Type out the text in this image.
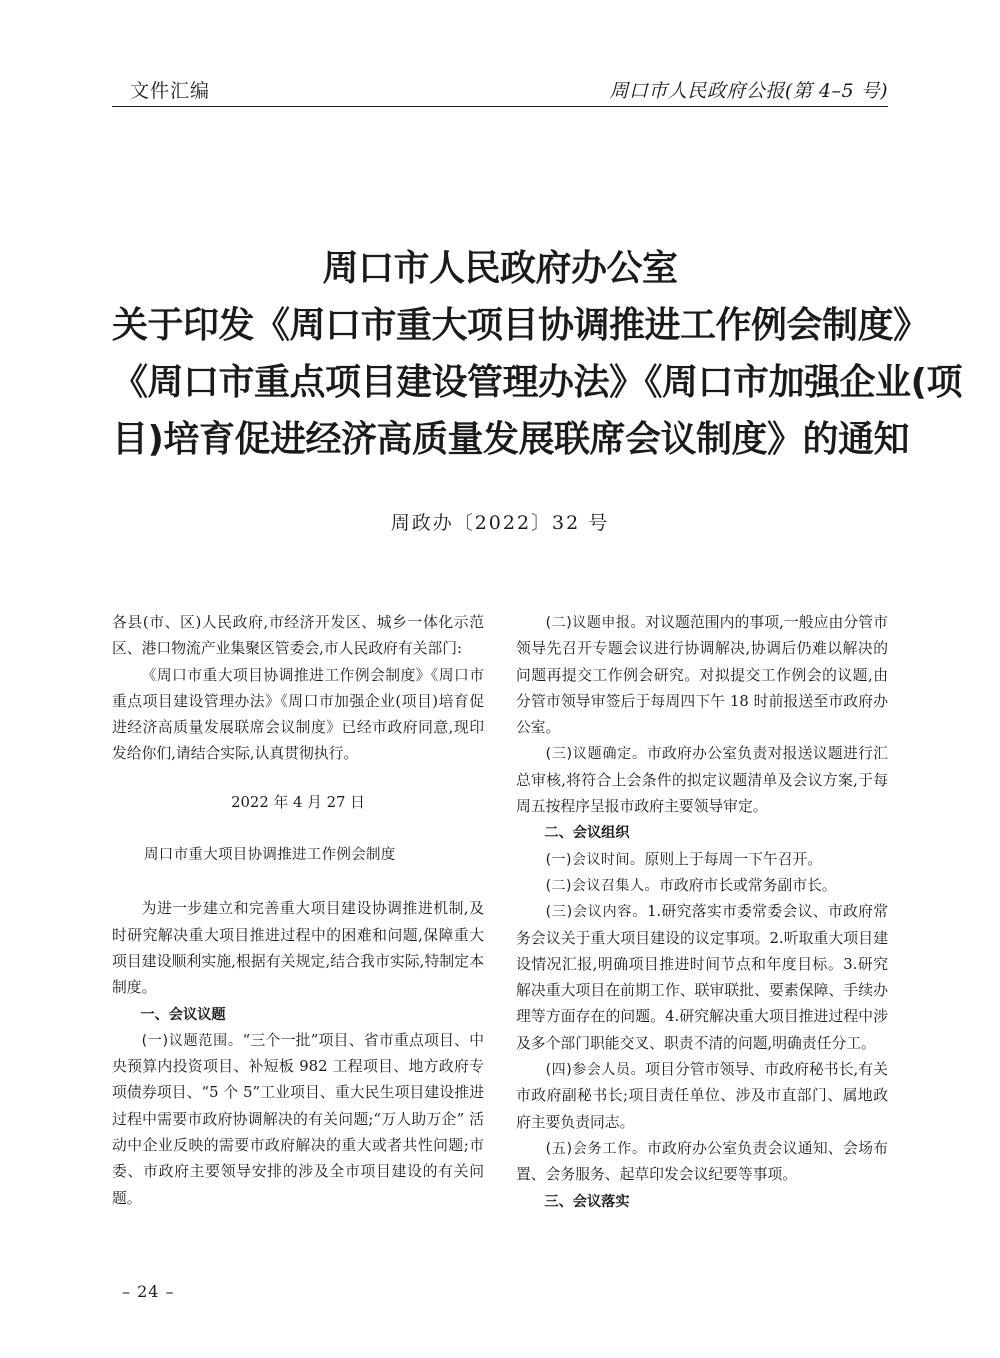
文件汇编	周口市人民政府公报(第 4–5 号)
周口市人民政府办公室
关于印发《周口市重大项目协调推进工作例会制度》
《周口市重点项目建设管理办法》《周口市加强企业(项
目)培育促进经济高质量发展联席会议制度》的通知
周政办〔2022〕32 号

各县(市、区)人民政府,市经济开发区、城乡一体化示范区、港口物流产业集聚区管委会,市人民政府有关部门:

《周口市重大项目协调推进工作例会制度》《周口市重点项目建设管理办法》《周口市加强企业(项目)培育促进经济高质量发展联席会议制度》已经市政府同意,现印发给你们,请结合实际,认真贯彻执行。

2022 年 4 月 27 日

周口市重大项目协调推进工作例会制度

为进一步建立和完善重大项目建设协调推进机制,及时研究解决重大项目推进过程中的困难和问题,保障重大项目建设顺利实施,根据有关规定,结合我市实际,特制定本制度。

一、会议议题

(一)议题范围。“三个一批”项目、省市重点项目、中央预算内投资项目、补短板 982 工程项目、地方政府专项债券项目、“5 个 5”工业项目、重大民生项目建设推进过程中需要市政府协调解决的有关问题;“万人助万企” 活动中企业反映的需要市政府解决的重大或者共性问题;市委、市政府主要领导安排的涉及全市项目建设的有关问题。

(二)议题申报。对议题范围内的事项,一般应由分管市领导先召开专题会议进行协调解决,协调后仍难以解决的问题再提交工作例会研究。对拟提交工作例会的议题,由分管市领导审签后于每周四下午 18 时前报送至市政府办公室。

(三)议题确定。市政府办公室负责对报送议题进行汇总审核,将符合上会条件的拟定议题清单及会议方案,于每周五按程序呈报市政府主要领导审定。

二、会议组织

(一)会议时间。原则上于每周一下午召开。

(二)会议召集人。市政府市长或常务副市长。

(三)会议内容。1.研究落实市委常委会议、市政府常务会议关于重大项目建设的议定事项。2.听取重大项目建设情况汇报,明确项目推进时间节点和年度目标。3.研究解决重大项目在前期工作、联审联批、要素保障、手续办理等方面存在的问题。4.研究解决重大项目推进过程中涉及多个部门职能交叉、职责不清的问题,明确责任分工。

(四)参会人员。项目分管市领导、市政府秘书长,有关市政府副秘书长;项目责任单位、涉及市直部门、属地政府主要负责同志。

(五)会务工作。市政府办公室负责会议通知、会场布置、会务服务、起草印发会议纪要等事项。

三、会议落实

– 24 –
